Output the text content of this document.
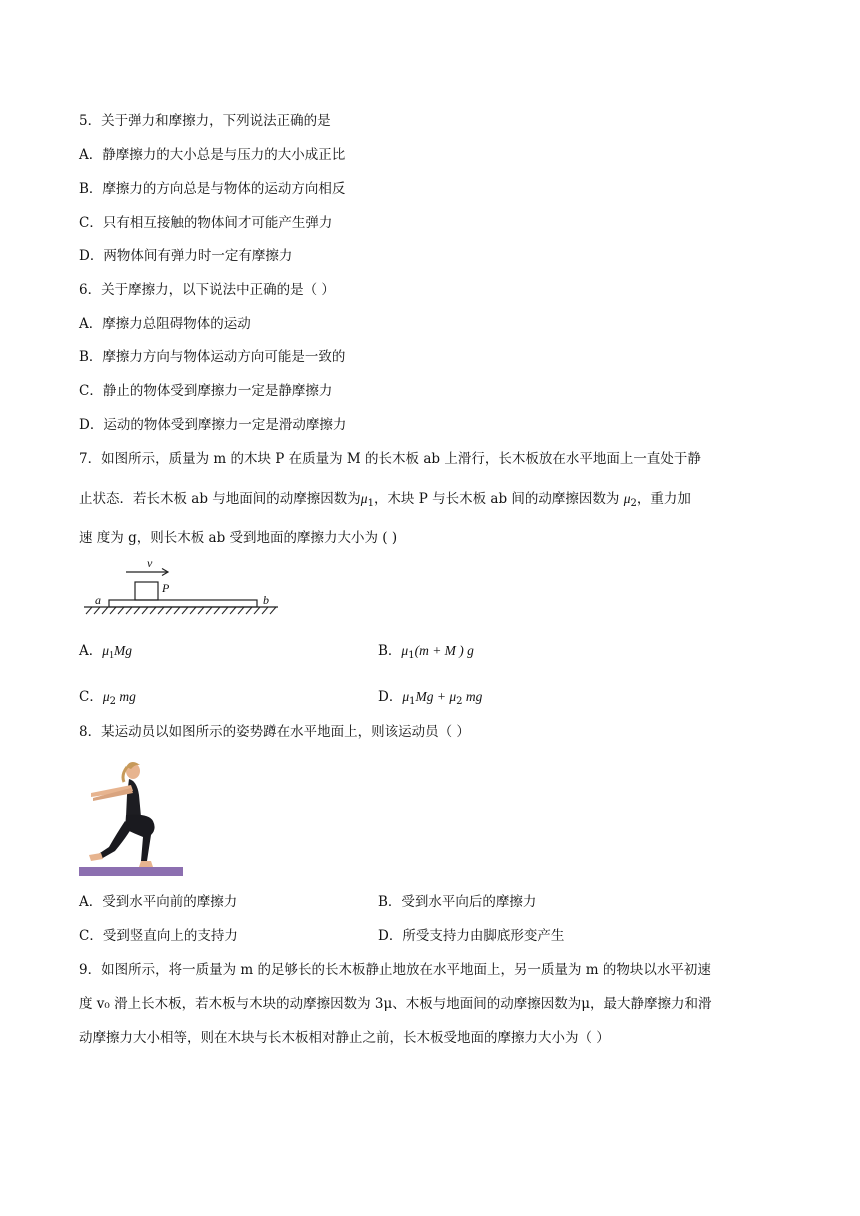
5．关于弹力和摩擦力，下列说法正确的是
A．静摩擦力的大小总是与压力的大小成正比
B．摩擦力的方向总是与物体的运动方向相反
C．只有相互接触的物体间才可能产生弹力
D．两物体间有弹力时一定有摩擦力
6．关于摩擦力，以下说法中正确的是（ ）
A．摩擦力总阻碍物体的运动
B．摩擦力方向与物体运动方向可能是一致的
C．静止的物体受到摩擦力一定是静摩擦力
D．运动的物体受到摩擦力一定是滑动摩擦力
7．如图所示，质量为 m 的木块 P 在质量为 M 的长木板 ab 上滑行，长木板放在水平地面上一直处于静
止状态．若长木板 ab 与地面间的动摩擦因数为$\mu_1$，木块 P 与长木板 ab 间的动摩擦因数为 $\mu_2$，重力加
速 度为 g，则长木板 ab 受到地面的摩擦力大小为 ( )
v
P
a	b
A．$\mu_1Mg$	B．$\mu_1(m + M$ ) g
C．$\mu_2$ mg	D．$\mu_1Mg + \mu_2$ mg
8．某运动员以如图所示的姿势蹲在水平地面上，则该运动员（ ）
A．受到水平向前的摩擦力	B．受到水平向后的摩擦力
C．受到竖直向上的支持力	D．所受支持力由脚底形变产生
9．如图所示，将一质量为 m 的足够长的长木板静止地放在水平地面上，另一质量为 m 的物块以水平初速
度 v₀ 滑上长木板，若木板与木块的动摩擦因数为 3μ、木板与地面间的动摩擦因数为μ，最大静摩擦力和滑
动摩擦力大小相等，则在木块与长木板相对静止之前，长木板受地面的摩擦力大小为（ ）
